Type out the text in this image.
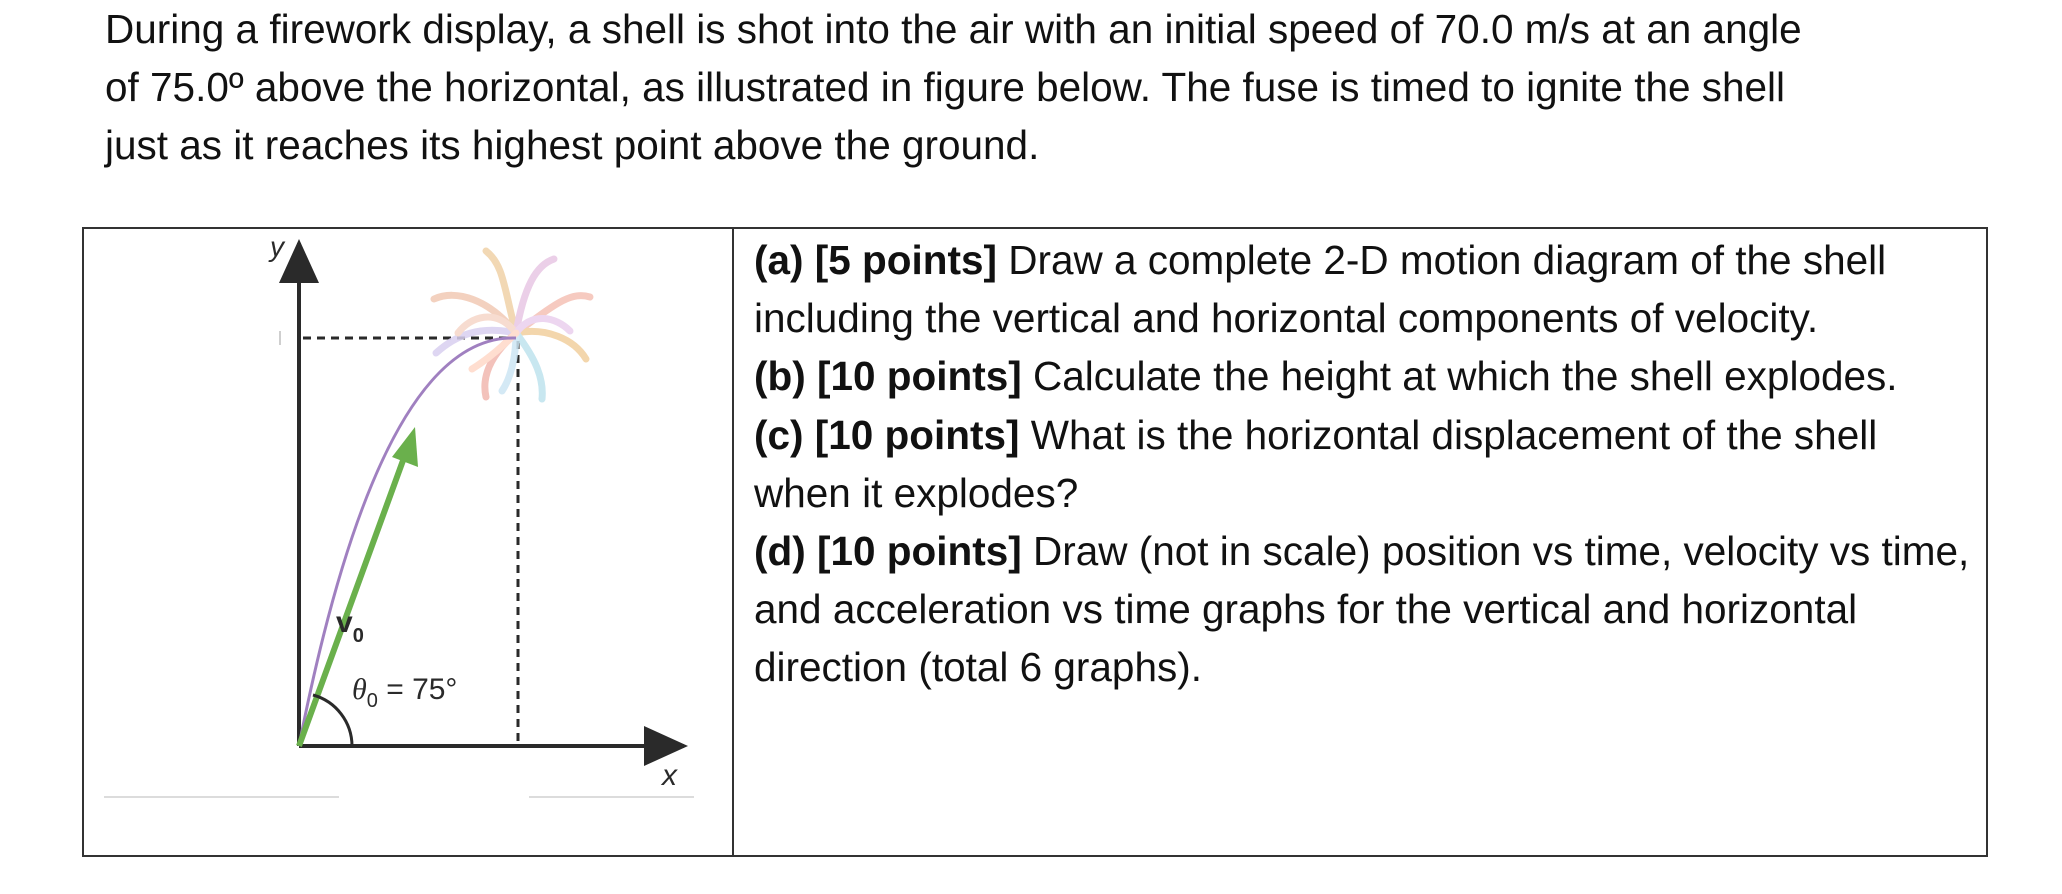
During a firework display, a shell is shot into the air with an initial speed of 70.0 m/s at an angle
of 75.0º above the horizontal, as illustrated in figure below. The fuse is timed to ignite the shell
just as it reaches its highest point above the ground.
y
x
$v_0$
$\theta_0 = 75^\circ$

(a) [5 points] Draw a complete 2-D motion diagram of the shell including the vertical and horizontal components of velocity.

(b) [10 points] Calculate the height at which the shell explodes.

(c) [10 points] What is the horizontal displacement of the shell when it explodes?

(d) [10 points] Draw (not in scale) position vs time, velocity vs time, and acceleration vs time graphs for the vertical and horizontal direction (total 6 graphs).
